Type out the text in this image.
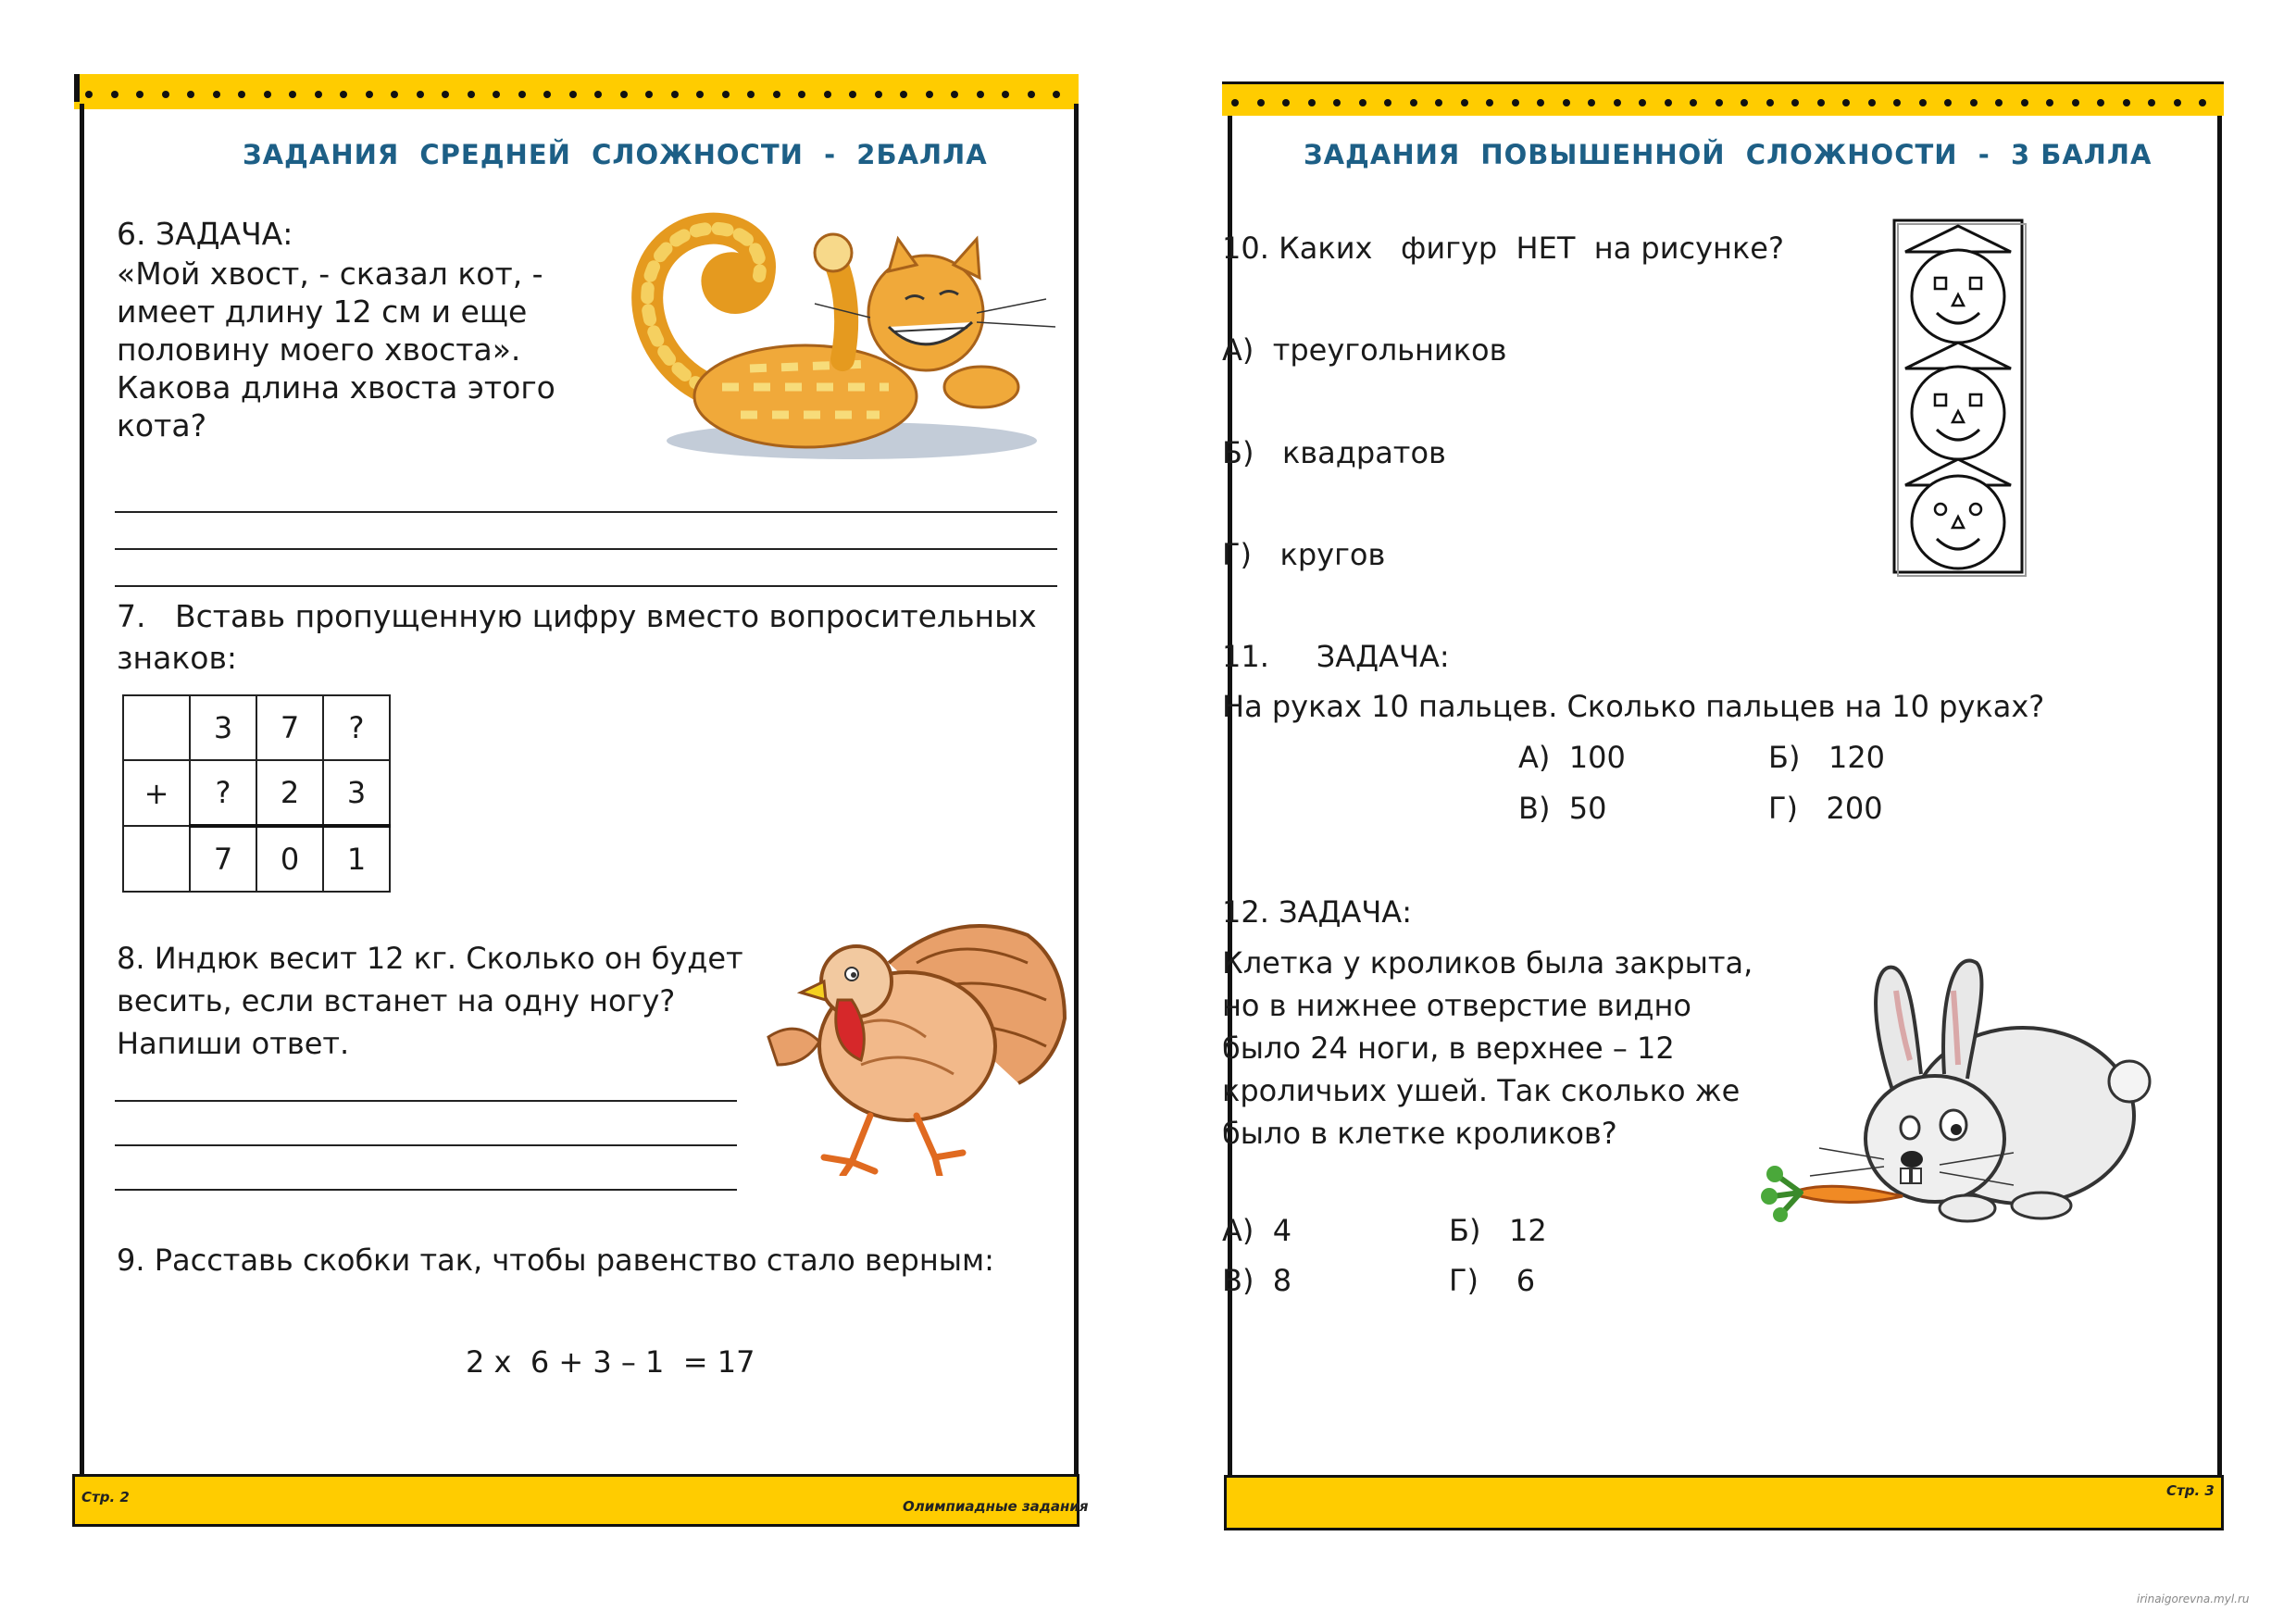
Стр. 2
Олимпиадные задания
Стр. 3
ЗАДАНИЯ  СРЕДНЕЙ  СЛОЖНОСТИ  -  2БАЛЛА
6. ЗАДАЧА:
«Мой хвост, - сказал кот, -
имеет длину 12 см и еще
половину моего хвоста».
Какова длина хвоста этого
кота?
7.   Вставь пропущенную цифру вместо вопросительных
знаков:
	3	7	?
+	?	2	3
	7	0	1
8. Индюк весит 12 кг. Сколько он будет
весить, если встанет на одну ногу?
Напиши ответ.
9. Расставь скобки так, чтобы равенство стало верным:
2 x  6 + 3 – 1  = 17
ЗАДАНИЯ  ПОВЫШЕННОЙ  СЛОЖНОСТИ  -  3 БАЛЛА
10. Каких   фигур  НЕТ  на рисунке?
А)  треугольников
Б)   квадратов
Г)   кругов
11.     ЗАДАЧА:
На руках 10 пальцев. Сколько пальцев на 10 руках?
А)  100	Б)   120
В)  50	Г)   200
12. ЗАДАЧА:
Клетка у кроликов была закрыта,
но в нижнее отверстие видно
было 24 ноги, в верхнее – 12
кроличьих ушей. Так сколько же
было в клетке кроликов?
А)  4	Б)   12
В)  8	Г)    6
irinaigorevna.myl.ru
